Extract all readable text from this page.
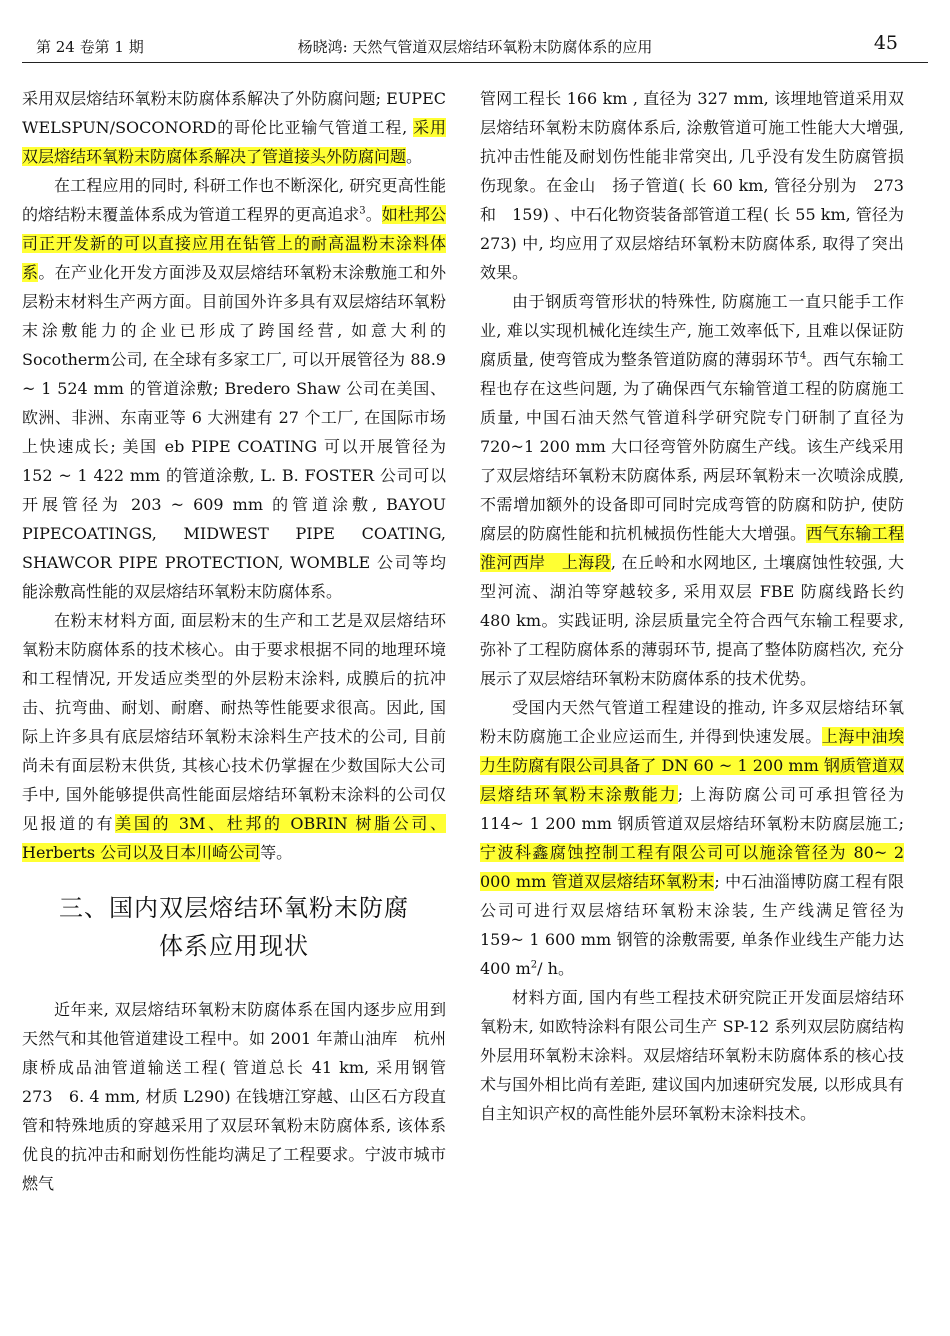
第 24 卷第 1 期	杨晓鸿: 天然气管道双层熔结环氧粉末防腐体系的应用	45

采用双层熔结环氧粉末防腐体系解决了外防腐问题; EUPEC WELSPUN/SOCONORD的哥伦比亚输气管道工程, 采用双层熔结环氧粉末防腐体系解决了管道接头外防腐问题。

在工程应用的同时, 科研工作也不断深化, 研究更高性能的熔结粉末覆盖体系成为管道工程界的更高追求$^3$。如杜邦公司正开发新的可以直接应用在钻管上的耐高温粉末涂料体系。在产业化开发方面涉及双层熔结环氧粉末涂敷施工和外层粉末材料生产两方面。目前国外许多具有双层熔结环氧粉末涂敷能力的企业已形成了跨国经营, 如意大利的Socotherm公司, 在全球有多家工厂, 可以开展管径为 88.9 ~ 1 524 mm 的管道涂敷; Bredero Shaw 公司在美国、欧洲、非洲、东南亚等 6 大洲建有 27 个工厂, 在国际市场上快速成长; 美国 eb PIPE COATING 可以开展管径为 152 ~ 1 422 mm 的管道涂敷, L. B. FOSTER 公司可以开展管径为 203 ~ 609 mm 的管道涂敷, BAYOU PIPECOATINGS, MIDWEST PIPE COATING, SHAWCOR PIPE PROTECTION, WOMBLE 公司等均能涂敷高性能的双层熔结环氧粉末防腐体系。

在粉末材料方面, 面层粉末的生产和工艺是双层熔结环氧粉末防腐体系的技术核心。由于要求根据不同的地理环境和工程情况, 开发适应类型的外层粉末涂料, 成膜后的抗冲击、抗弯曲、耐划、耐磨、耐热等性能要求很高。因此, 国际上许多具有底层熔结环氧粉末涂料生产技术的公司, 目前尚未有面层粉末供货, 其核心技术仍掌握在少数国际大公司手中, 国外能够提供高性能面层熔结环氧粉末涂料的公司仅见报道的有美国的 3M、杜邦的 OBRIN 树脂公司、Herberts 公司以及日本川崎公司等。

三、国内双层熔结环氧粉末防腐
体系应用现状

近年来, 双层熔结环氧粉末防腐体系在国内逐步应用到天然气和其他管道建设工程中。如 2001 年萧山油库　杭州康桥成品油管道输送工程( 管道总长 41 km, 采用钢管　273　6. 4 mm, 材质 L290) 在钱塘江穿越、山区石方段直管和特殊地质的穿越采用了双层环氧粉末防腐体系, 该体系优良的抗冲击和耐划伤性能均满足了工程要求。宁波市城市燃气

管网工程长 166 km , 直径为 327 mm, 该埋地管道采用双层熔结环氧粉末防腐体系后, 涂敷管道可施工性能大大增强, 抗冲击性能及耐划伤性能非常突出, 几乎没有发生防腐管损伤现象。在金山　扬子管道( 长 60 km, 管径分别为　273 和　159) 、中石化物资装备部管道工程( 长 55 km, 管径为　273) 中, 均应用了双层熔结环氧粉末防腐体系, 取得了突出效果。

由于钢质弯管形状的特殊性, 防腐施工一直只能手工作业, 难以实现机械化连续生产, 施工效率低下, 且难以保证防腐质量, 使弯管成为整条管道防腐的薄弱环节$^4$。西气东输工程也存在这些问题, 为了确保西气东输管道工程的防腐施工质量, 中国石油天然气管道科学研究院专门研制了直径为 720~1 200 mm 大口径弯管外防腐生产线。该生产线采用了双层熔结环氧粉末防腐体系, 两层环氧粉末一次喷涂成膜, 不需增加额外的设备即可同时完成弯管的防腐和防护, 使防腐层的防腐性能和抗机械损伤性能大大增强。西气东输工程淮河西岸　上海段, 在丘岭和水网地区, 土壤腐蚀性较强, 大型河流、湖泊等穿越较多, 采用双层 FBE 防腐线路长约 480 km。实践证明, 涂层质量完全符合西气东输工程要求, 弥补了工程防腐体系的薄弱环节, 提高了整体防腐档次, 充分展示了双层熔结环氧粉末防腐体系的技术优势。

受国内天然气管道工程建设的推动, 许多双层熔结环氧粉末防腐施工企业应运而生, 并得到快速发展。上海中油埃力生防腐有限公司具备了 DN 60 ~ 1 200 mm 钢质管道双层熔结环氧粉末涂敷能力; 上海防腐公司可承担管径为 114~ 1 200 mm 钢质管道双层熔结环氧粉末防腐层施工; 宁波科鑫腐蚀控制工程有限公司可以施涂管径为 80~ 2 000 mm 管道双层熔结环氧粉末; 中石油淄博防腐工程有限公司可进行双层熔结环氧粉末涂装, 生产线满足管径为 159~ 1 600 mm 钢管的涂敷需要, 单条作业线生产能力达 400 $m^2/$ h。

材料方面, 国内有些工程技术研究院正开发面层熔结环氧粉末, 如欧特涂料有限公司生产 SP-12 系列双层防腐结构外层用环氧粉末涂料。双层熔结环氧粉末防腐体系的核心技术与国外相比尚有差距, 建议国内加速研究发展, 以形成具有自主知识产权的高性能外层环氧粉末涂料技术。
